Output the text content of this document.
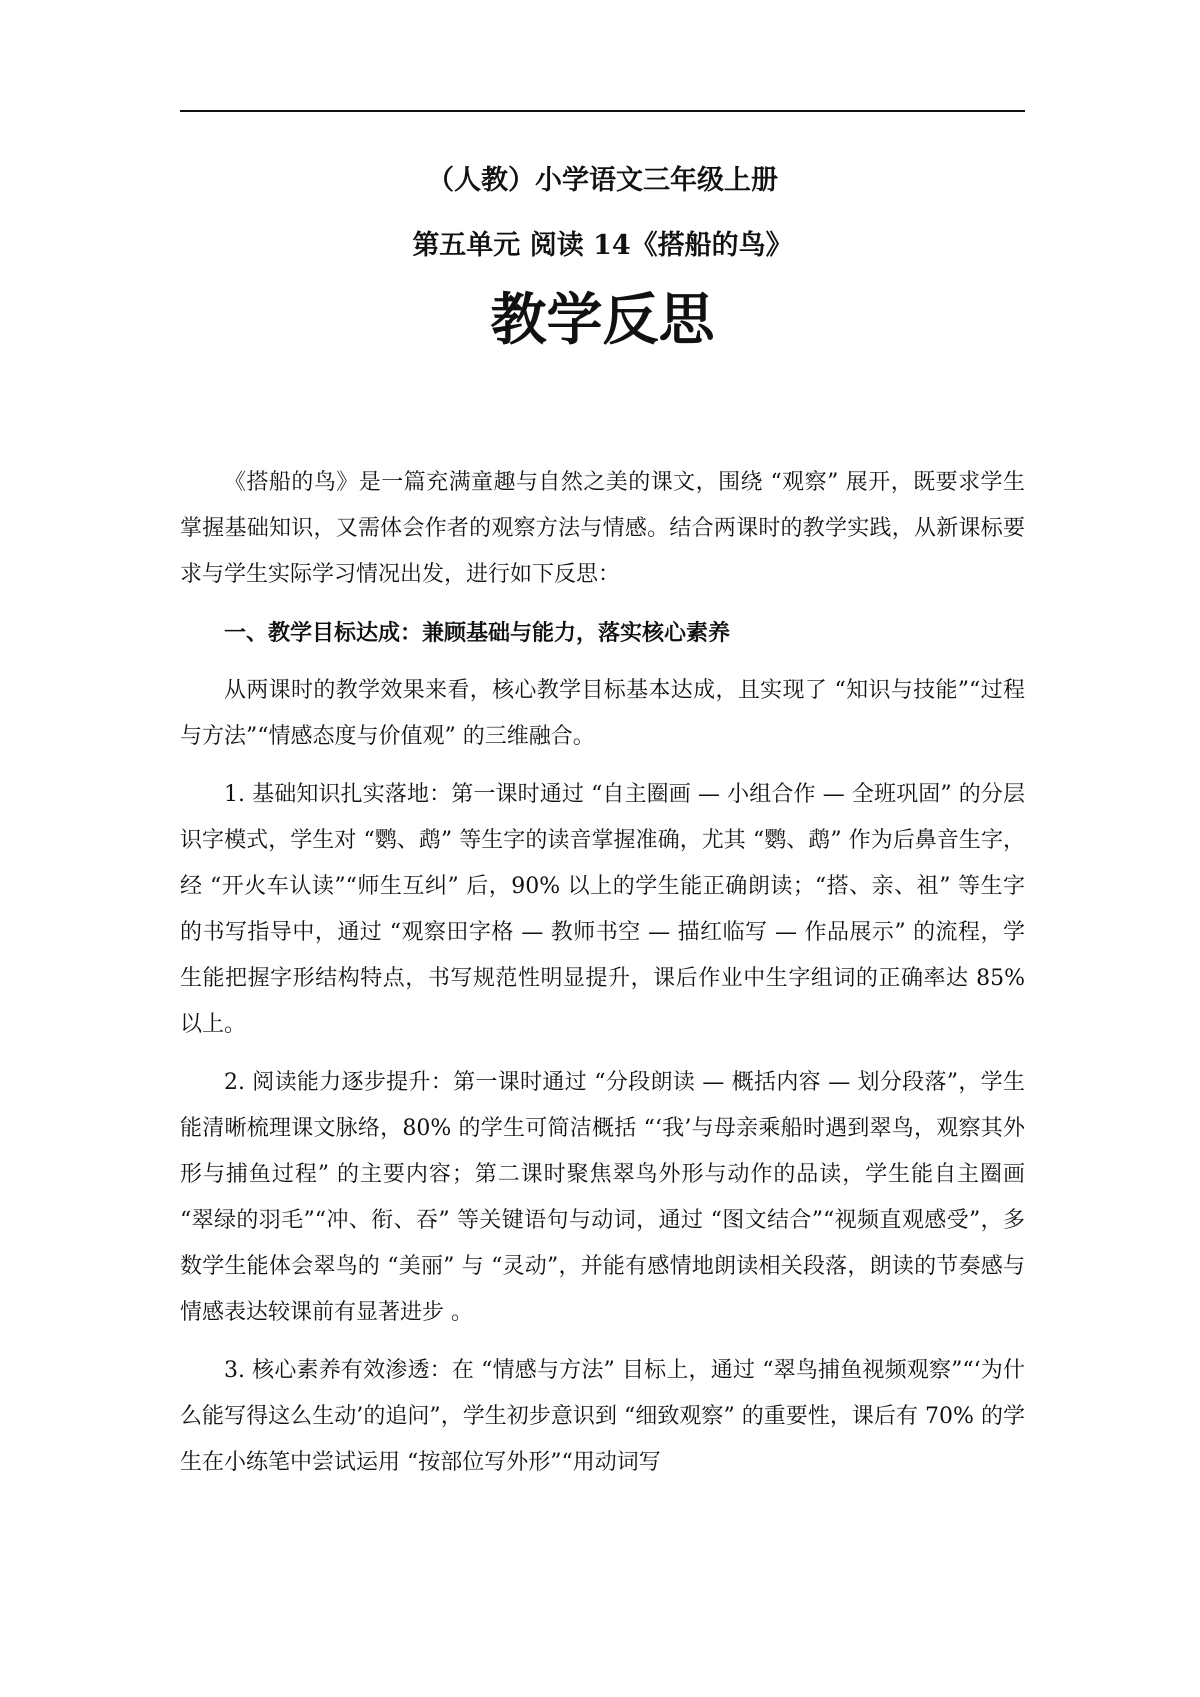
（人教）小学语文三年级上册
第五单元 阅读 14《搭船的鸟》
教学反思

《搭船的鸟》是一篇充满童趣与自然之美的课文，围绕 “观察” 展开，既要求学生掌握基础知识，又需体会作者的观察方法与情感。结合两课时的教学实践，从新课标要求与学生实际学习情况出发，进行如下反思：

一、教学目标达成：兼顾基础与能力，落实核心素养

从两课时的教学效果来看，核心教学目标基本达成，且实现了 “知识与技能”“过程与方法”“情感态度与价值观” 的三维融合。

1. 基础知识扎实落地：第一课时通过 “自主圈画 — 小组合作 — 全班巩固” 的分层识字模式，学生对 “鹦、鹉” 等生字的读音掌握准确，尤其 “鹦、鹉” 作为后鼻音生字，经 “开火车认读”“师生互纠” 后，90% 以上的学生能正确朗读；“搭、亲、祖” 等生字的书写指导中，通过 “观察田字格 — 教师书空 — 描红临写 — 作品展示” 的流程，学生能把握字形结构特点，书写规范性明显提升，课后作业中生字组词的正确率达 85% 以上。

2. 阅读能力逐步提升：第一课时通过 “分段朗读 — 概括内容 — 划分段落”，学生能清晰梳理课文脉络，80% 的学生可简洁概括 “‘我’与母亲乘船时遇到翠鸟，观察其外形与捕鱼过程” 的主要内容；第二课时聚焦翠鸟外形与动作的品读，学生能自主圈画 “翠绿的羽毛”“冲、衔、吞” 等关键语句与动词，通过 “图文结合”“视频直观感受”，多数学生能体会翠鸟的 “美丽” 与 “灵动”，并能有感情地朗读相关段落，朗读的节奏感与情感表达较课前有显著进步 。

3. 核心素养有效渗透：在 “情感与方法” 目标上，通过 “翠鸟捕鱼视频观察”“‘为什么能写得这么生动’的追问”，学生初步意识到 “细致观察” 的重要性，课后有 70% 的学生在小练笔中尝试运用 “按部位写外形”“用动词写
